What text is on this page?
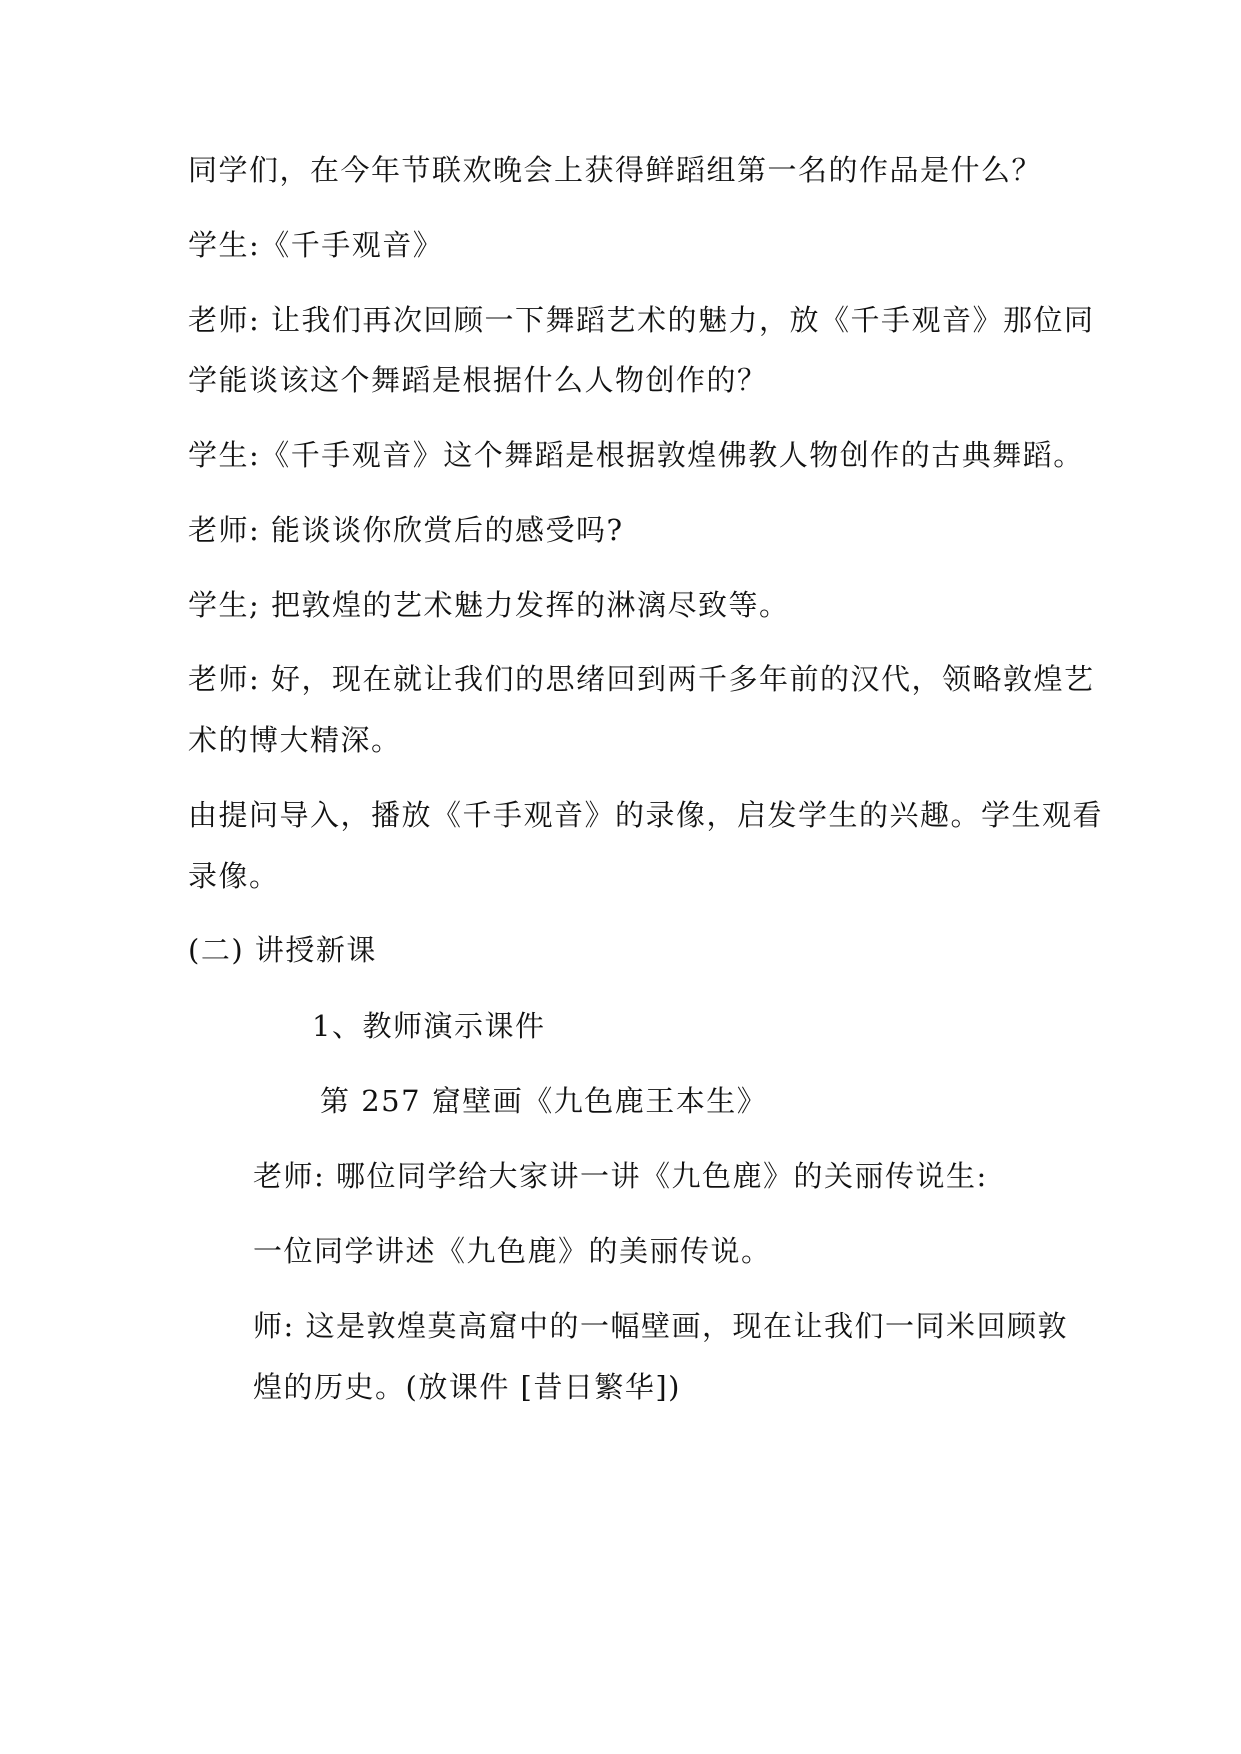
同学们，在今年节联欢晚会上获得鲜蹈组第一名的作品是什么？
学生:《千手观音》
老师: 让我们再次回顾一下舞蹈艺术的魅力，放《千手观音》那位同
学能谈该这个舞蹈是根据什么人物创作的？
学生:《千手观音》这个舞蹈是根据敦煌佛教人物创作的古典舞蹈。
老师: 能谈谈你欣赏后的感受吗?
学生; 把敦煌的艺术魅力发挥的淋漓尽致等。
老师: 好，现在就让我们的思绪回到两千多年前的汉代，领略敦煌艺
术的博大精深。
由提问导入，播放《千手观音》的录像，启发学生的兴趣。学生观看
录像。
(二) 讲授新课
1、教师演示课件
第 257 窟壁画《九色鹿王本生》
老师: 哪位同学给大家讲一讲《九色鹿》的关丽传说生:
一位同学讲述《九色鹿》的美丽传说。
师: 这是敦煌莫高窟中的一幅壁画，现在让我们一同米回顾敦
煌的历史。(放课件 [昔日繁华])
